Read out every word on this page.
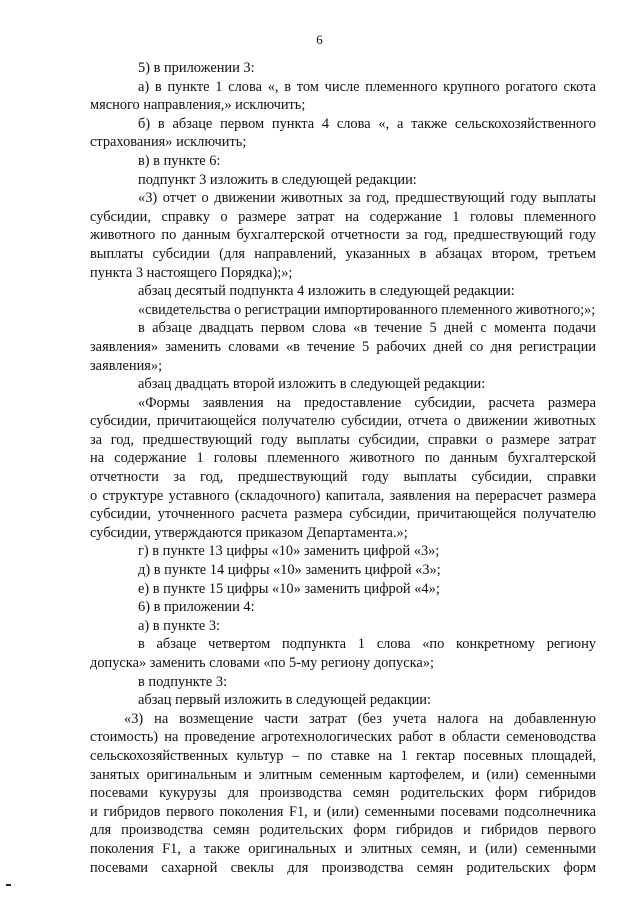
6
5) в приложении 3:
а) в пункте 1 слова «, в том числе племенного крупного рогатого скота
мясного направления,» исключить;
б) в абзаце первом пункта 4 слова «, а также сельскохозяйственного
страхования» исключить;
в) в пункте 6:
подпункт 3 изложить в следующей редакции:
«3) отчет о движении животных за год, предшествующий году выплаты
субсидии, справку о размере затрат на содержание 1 головы племенного
животного по данным бухгалтерской отчетности за год, предшествующий году
выплаты субсидии (для направлений, указанных в абзацах втором, третьем
пункта 3 настоящего Порядка);»;
абзац десятый подпункта 4 изложить в следующей редакции:
«свидетельства о регистрации импортированного племенного животного;»;
в абзаце двадцать первом слова «в течение 5 дней с момента подачи
заявления» заменить словами «в течение 5 рабочих дней со дня регистрации
заявления»;
абзац двадцать второй изложить в следующей редакции:
«Формы заявления на предоставление субсидии, расчета размера
субсидии, причитающейся получателю субсидии, отчета о движении животных
за год, предшествующий году выплаты субсидии, справки о размере затрат
на содержание 1 головы племенного животного по данным бухгалтерской
отчетности за год, предшествующий году выплаты субсидии, справки
о структуре уставного (складочного) капитала, заявления на перерасчет размера
субсидии, уточненного расчета размера субсидии, причитающейся получателю
субсидии, утверждаются приказом Департамента.»;
г) в пункте 13 цифры «10» заменить цифрой «3»;
д) в пункте 14 цифры «10» заменить цифрой «3»;
е) в пункте 15 цифры «10» заменить цифрой «4»;
6) в приложении 4:
а) в пункте 3:
в абзаце четвертом подпункта 1 слова «по конкретному региону
допуска» заменить словами «по 5-му региону допуска»;
в подпункте 3:
абзац первый изложить в следующей редакции:
«3) на возмещение части затрат (без учета налога на добавленную
стоимость) на проведение агротехнологических работ в области семеноводства
сельскохозяйственных культур – по ставке на 1 гектар посевных площадей,
занятых оригинальным и элитным семенным картофелем, и (или) семенными
посевами кукурузы для производства семян родительских форм гибридов
и гибридов первого поколения F1, и (или) семенными посевами подсолнечника
для производства семян родительских форм гибридов и гибридов первого
поколения F1, а также оригинальных и элитных семян, и (или) семенными
посевами сахарной свеклы для производства семян родительских форм
